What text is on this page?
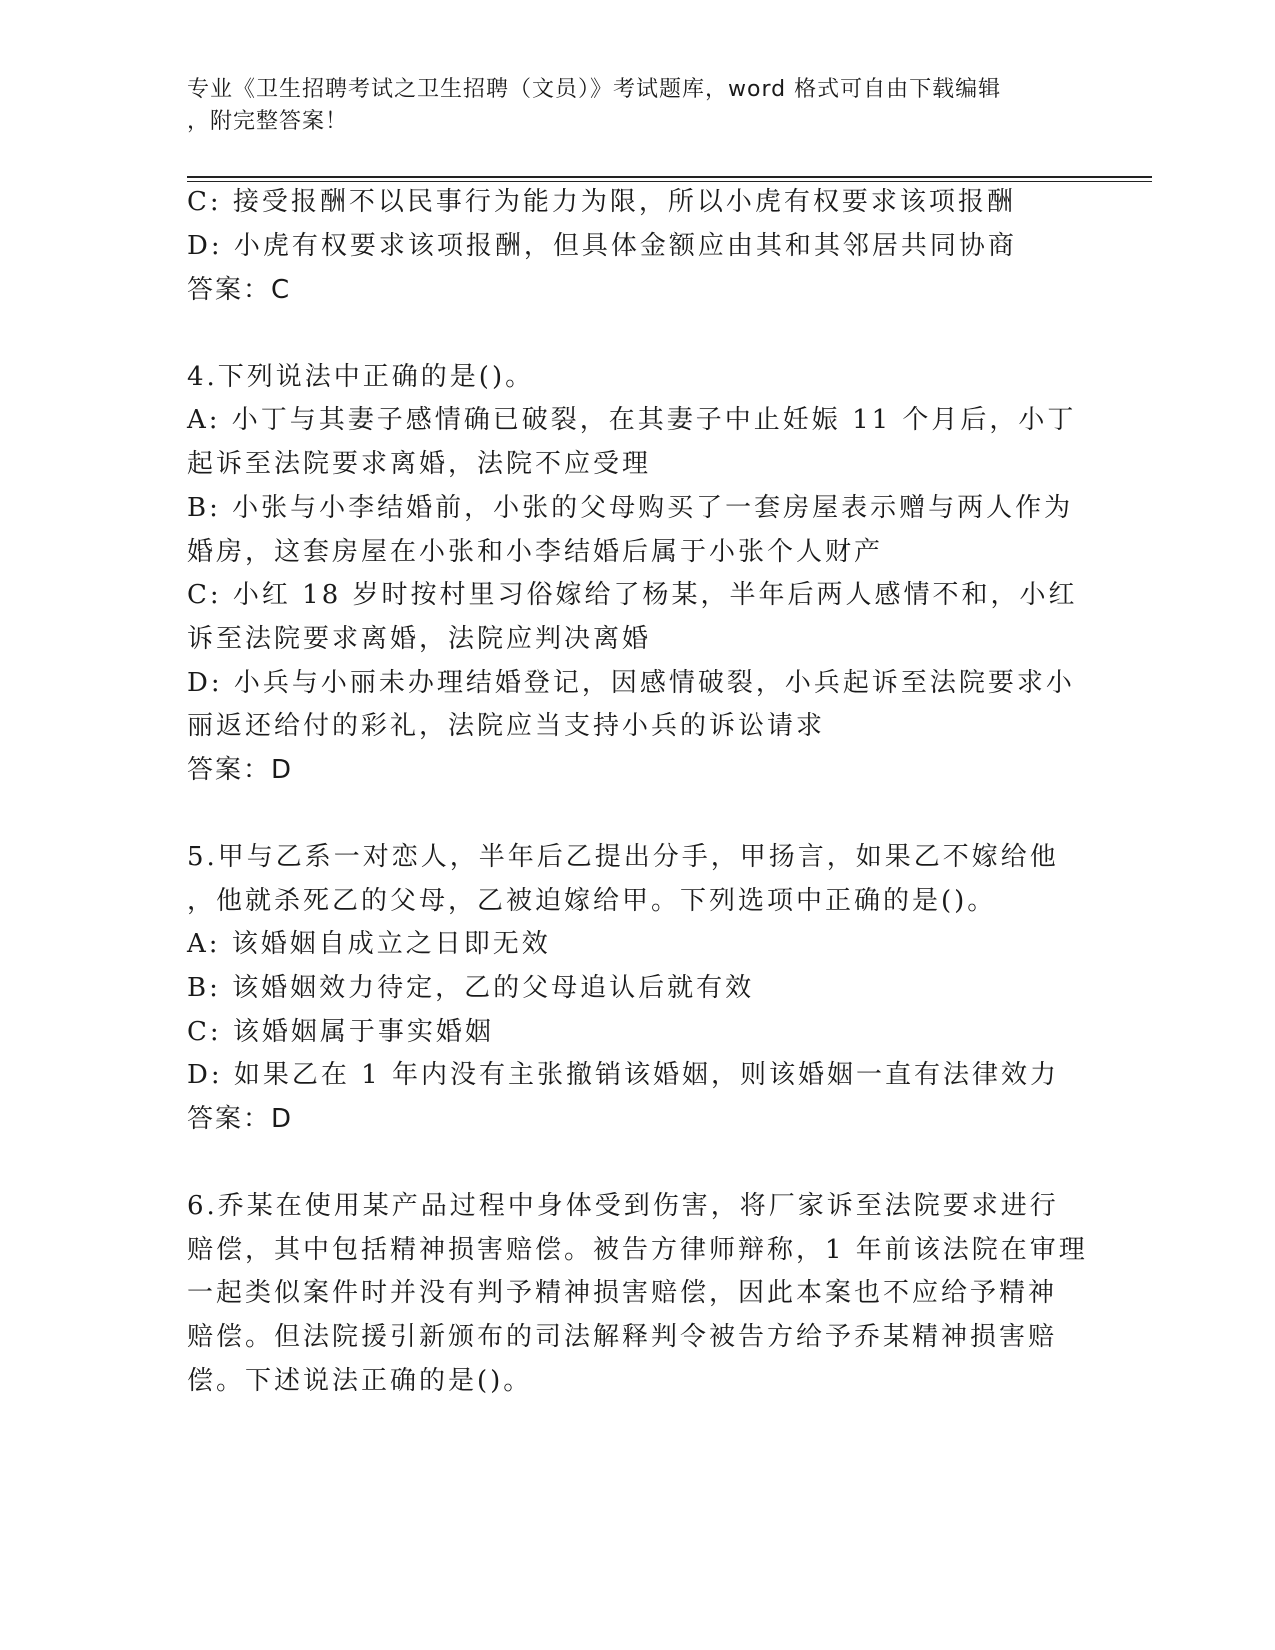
专业《卫生招聘考试之卫生招聘（文员）》考试题库，word 格式可自由下载编辑
，附完整答案！
C: 接受报酬不以民事行为能力为限，所以小虎有权要求该项报酬
D: 小虎有权要求该项报酬，但具体金额应由其和其邻居共同协商
答案：C
4.下列说法中正确的是()。
A: 小丁与其妻子感情确已破裂，在其妻子中止妊娠 11 个月后，小丁
起诉至法院要求离婚，法院不应受理
B: 小张与小李结婚前，小张的父母购买了一套房屋表示赠与两人作为
婚房，这套房屋在小张和小李结婚后属于小张个人财产
C: 小红 18 岁时按村里习俗嫁给了杨某，半年后两人感情不和，小红
诉至法院要求离婚，法院应判决离婚
D: 小兵与小丽未办理结婚登记，因感情破裂，小兵起诉至法院要求小
丽返还给付的彩礼，法院应当支持小兵的诉讼请求
答案：D
5.甲与乙系一对恋人，半年后乙提出分手，甲扬言，如果乙不嫁给他
，他就杀死乙的父母，乙被迫嫁给甲。下列选项中正确的是()。
A: 该婚姻自成立之日即无效
B: 该婚姻效力待定，乙的父母追认后就有效
C: 该婚姻属于事实婚姻
D: 如果乙在 1 年内没有主张撤销该婚姻，则该婚姻一直有法律效力
答案：D
6.乔某在使用某产品过程中身体受到伤害，将厂家诉至法院要求进行
赔偿，其中包括精神损害赔偿。被告方律师辩称，1 年前该法院在审理
一起类似案件时并没有判予精神损害赔偿，因此本案也不应给予精神
赔偿。但法院援引新颁布的司法解释判令被告方给予乔某精神损害赔
偿。下述说法正确的是()。
